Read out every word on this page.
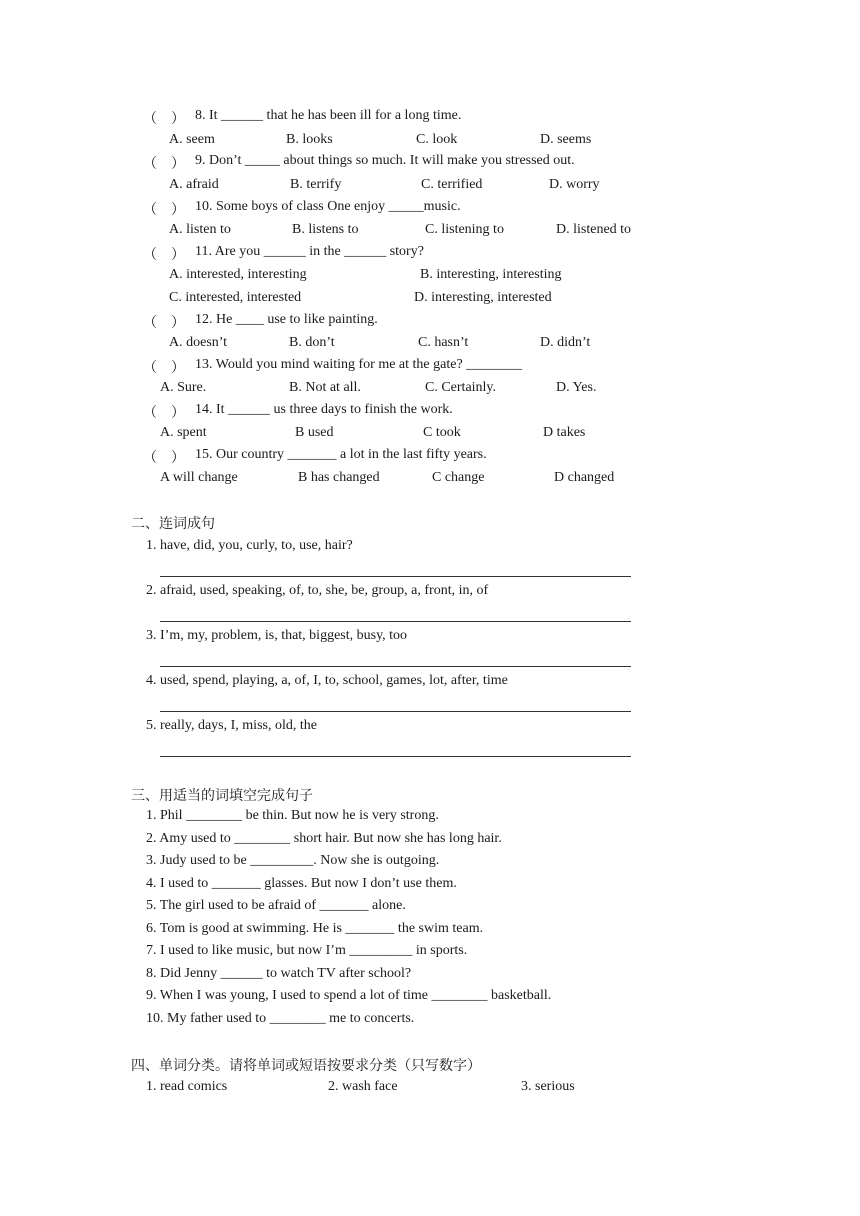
（　） 8. It ______ that he has been ill for a long time.
A. seem	B. looks	C. look	D. seems
（　） 9. Don’t _____ about things so much. It will make you stressed out.
A. afraid	B. terrify	C. terrified	D. worry
（　） 10. Some boys of class One enjoy _____music.
A. listen to	B. listens to	C. listening to	D. listened to
（　） 11. Are you ______ in the ______ story?
A. interested, interesting	B. interesting, interesting
C. interested, interested	D. interesting, interested
（　） 12. He ____ use to like painting.
A. doesn’t	B. don’t	C. hasn’t	D. didn’t
（　） 13. Would you mind waiting for me at the gate? ________
A. Sure.	B. Not at all.	C. Certainly.	D. Yes.
（　） 14. It ______ us three days to finish the work.
A. spent	B used	C took	D takes
（　） 15. Our country _______ a lot in the last fifty years.
A will change	B has changed	C change	D changed
二、连词成句
1. have, did, you, curly, to, use, hair?
2. afraid, used, speaking, of, to, she, be, group, a, front, in, of
3. I’m, my, problem, is, that, biggest, busy, too
4. used, spend, playing, a, of, I, to, school, games, lot, after, time
5. really, days, I, miss, old, the
三、用适当的词填空完成句子
1. Phil ________ be thin. But now he is very strong.
2. Amy used to ________ short hair. But now she has long hair.
3. Judy used to be _________. Now she is outgoing.
4. I used to _______ glasses. But now I don’t use them.
5. The girl used to be afraid of _______ alone.
6. Tom is good at swimming. He is _______ the swim team.
7. I used to like music, but now I’m _________ in sports.
8. Did Jenny ______ to watch TV after school?
9. When I was young, I used to spend a lot of time ________ basketball.
10. My father used to ________ me to concerts.
四、单词分类。请将单词或短语按要求分类（只写数字）
1. read comics	2. wash face	3. serious
